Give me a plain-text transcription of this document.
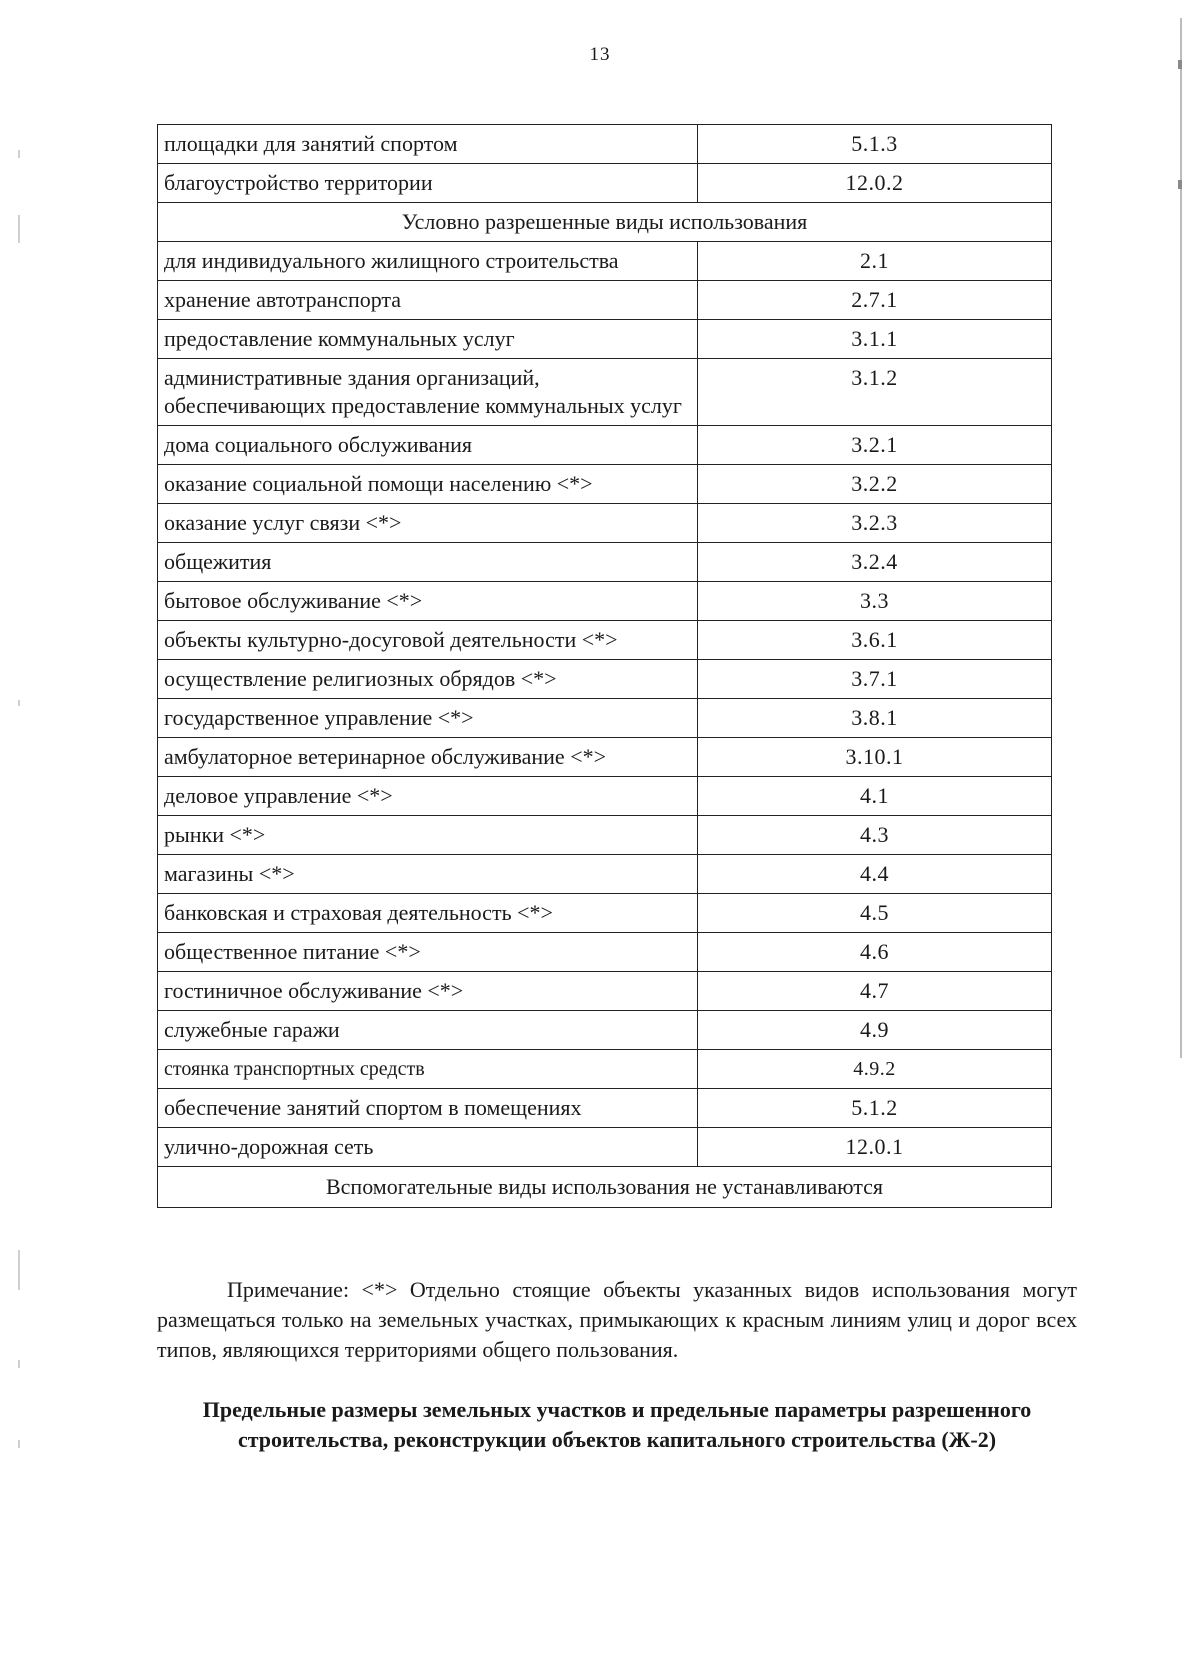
13
площадки для занятий спортом	5.1.3
благоустройство территории	12.0.2
Условно разрешенные виды использования	
для индивидуального жилищного строительства	2.1
хранение автотранспорта	2.7.1
предоставление коммунальных услуг	3.1.1
административные здания организаций, обеспечивающих предоставление коммунальных услуг	3.1.2
дома социального обслуживания	3.2.1
оказание социальной помощи населению <*>	3.2.2
оказание услуг связи <*>	3.2.3
общежития	3.2.4
бытовое обслуживание <*>	3.3
объекты культурно-досуговой деятельности <*>	3.6.1
осуществление религиозных обрядов <*>	3.7.1
государственное управление <*>	3.8.1
амбулаторное ветеринарное обслуживание <*>	3.10.1
деловое управление <*>	4.1
рынки <*>	4.3
магазины <*>	4.4
банковская и страховая деятельность <*>	4.5
общественное питание <*>	4.6
гостиничное обслуживание <*>	4.7
служебные гаражи	4.9
стоянка транспортных средств	4.9.2
обеспечение занятий спортом в помещениях	5.1.2
улично-дорожная сеть	12.0.1
Вспомогательные виды использования не устанавливаются	
Примечание: <*> Отдельно стоящие объекты указанных видов использования могут размещаться только на земельных участках, примыкающих к красным линиям улиц и дорог всех типов, являющихся территориями общего пользования.
Предельные размеры земельных участков и предельные параметры разрешенного строительства, реконструкции объектов капитального строительства (Ж-2)
